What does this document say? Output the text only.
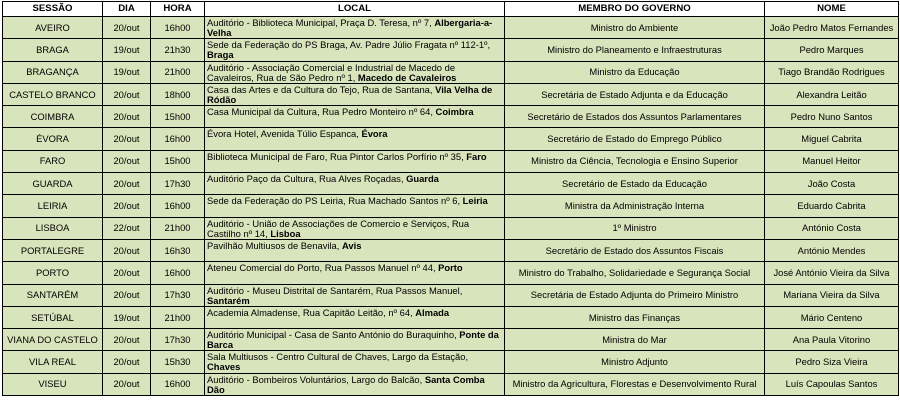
SESSÃO	DIA	HORA	LOCAL	MEMBRO DO GOVERNO	NOME
AVEIRO	20/out	16h00	Auditório - Biblioteca Municipal, Praça D. Teresa, nº 7, Albergaria-a-Velha	Ministro do Ambiente	João Pedro Matos Fernandes
BRAGA	19/out	21h30	Sede da Federação do PS Braga, Av. Padre Júlio Fragata nº 112-1º, Braga	Ministro do Planeamento e Infraestruturas	Pedro Marques
BRAGANÇA	19/out	21h00	Auditório - Associação Comercial e Industrial de Macedo de Cavaleiros, Rua de São Pedro nº 1, Macedo de Cavaleiros	Ministro da Educação	Tiago Brandão Rodrigues
CASTELO BRANCO	20/out	18h00	Casa das Artes e da Cultura do Tejo, Rua de Santana, Vila Velha de Ródão	Secretária de Estado Adjunta e da Educação	Alexandra Leitão
COIMBRA	20/out	15h00	Casa Municipal da Cultura, Rua Pedro Monteiro nº 64, Coimbra	Secretário de Estados dos Assuntos Parlamentares	Pedro Nuno Santos
ÉVORA	20/out	16h00	Évora Hotel, Avenida Túlio Espanca, Évora	Secretário de Estado do Emprego Público	Miguel Cabrita
FARO	20/out	15h00	Biblioteca Municipal de Faro, Rua Pintor Carlos Porfírio nº 35, Faro	Ministro da Ciência, Tecnologia e Ensino Superior	Manuel Heitor
GUARDA	20/out	17h30	Auditório Paço da Cultura, Rua Alves Roçadas, Guarda	Secretário de Estado da Educação	João Costa
LEIRIA	20/out	16h00	Sede da Federação do PS Leiria, Rua Machado Santos nº 6, Leiria	Ministra da Administração Interna	Eduardo Cabrita
LISBOA	22/out	21h00	Auditório - União de Associações de Comercio e Serviços, Rua Castilho nº 14, Lisboa	1º Ministro	António Costa
PORTALEGRE	20/out	16h30	Pavilhão Multiusos de Benavila, Avis	Secretário de Estado dos Assuntos Fiscais	António Mendes
PORTO	20/out	16h00	Ateneu Comercial do Porto, Rua Passos Manuel nº 44, Porto	Ministro do Trabalho, Solidariedade e Segurança Social	José António Vieira da Silva
SANTARÉM	20/out	17h30	Auditório - Museu Distrital de Santarém, Rua Passos Manuel, Santarém	Secretária de Estado Adjunta do Primeiro Ministro	Mariana Vieira da Silva
SETÚBAL	19/out	21h00	Academia Almadense, Rua Capitão Leitão, nº 64, Almada	Ministro das Finanças	Mário Centeno
VIANA DO CASTELO	20/out	17h30	Auditório Municipal - Casa de Santo António do Buraquinho, Ponte da Barca	Ministra do Mar	Ana Paula Vitorino
VILA REAL	20/out	15h30	Sala Multiusos - Centro Cultural de Chaves, Largo da Estação, Chaves	Ministro Adjunto	Pedro Siza Vieira
VISEU	20/out	16h00	Auditório - Bombeiros Voluntários, Largo do Balcão, Santa Comba Dão	Ministro da Agricultura, Florestas e Desenvolvimento Rural	Luís Capoulas Santos
